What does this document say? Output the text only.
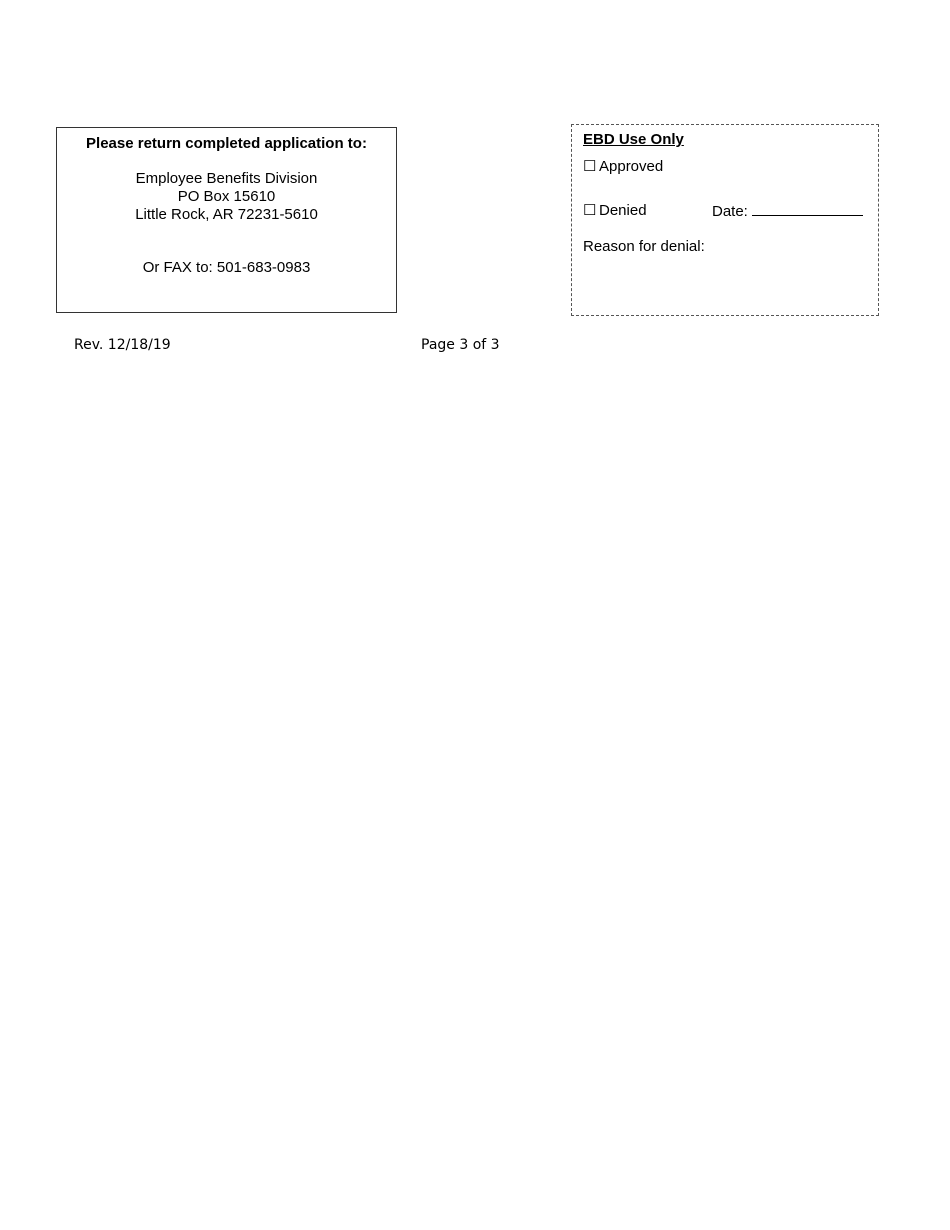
Please return completed application to:
Employee Benefits Division
PO Box 15610
Little Rock, AR 72231-5610
Or FAX to: 501-683-0983
EBD Use Only
☐ Approved
☐ Denied	Date:
Reason for denial:
Rev. 12/18/19	Page 3 of 3
